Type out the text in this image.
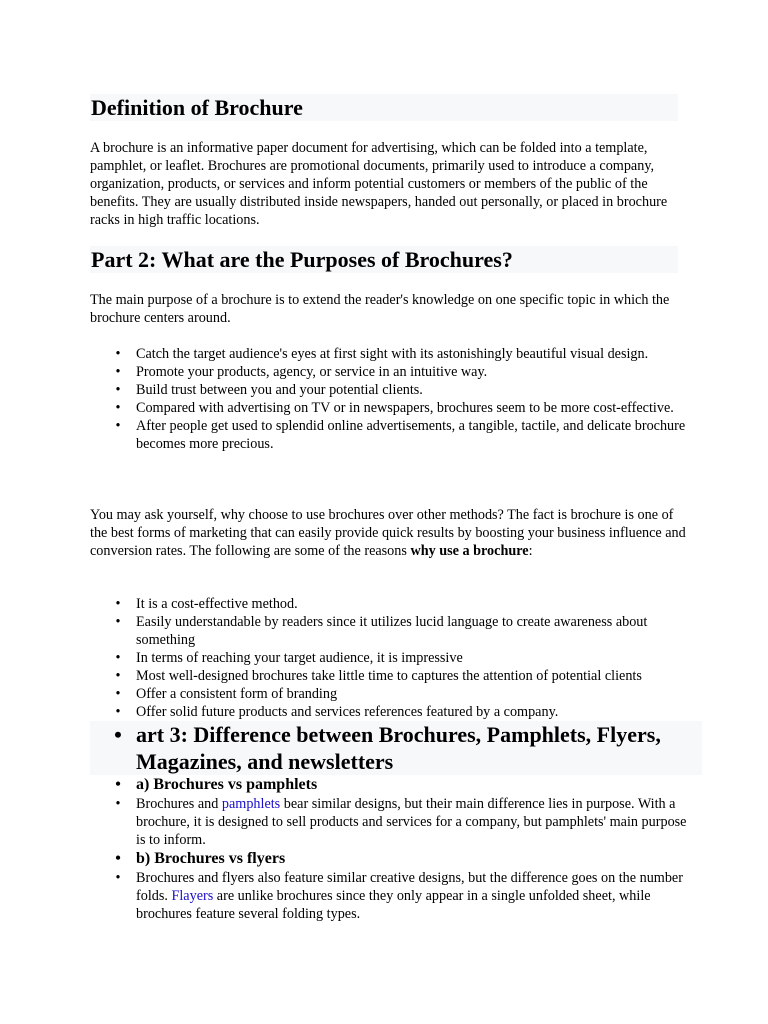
Definition of Brochure

A brochure is an informative paper document for advertising, which can be folded into a template, pamphlet, or leaflet. Brochures are promotional documents, primarily used to introduce a company, organization, products, or services and inform potential customers or members of the public of the benefits. They are usually distributed inside newspapers, handed out personally, or placed in brochure racks in high traffic locations.

Part 2: What are the Purposes of Brochures?

The main purpose of a brochure is to extend the reader's knowledge on one specific topic in which the brochure centers around.

• Catch the target audience's eyes at first sight with its astonishingly beautiful visual design.
• Promote your products, agency, or service in an intuitive way.
• Build trust between you and your potential clients.
• Compared with advertising on TV or in newspapers, brochures seem to be more cost-effective.
• After people get used to splendid online advertisements, a tangible, tactile, and delicate brochure becomes more precious.

You may ask yourself, why choose to use brochures over other methods? The fact is brochure is one of the best forms of marketing that can easily provide quick results by boosting your business influence and conversion rates. The following are some of the reasons why use a brochure:

• It is a cost-effective method.
• Easily understandable by readers since it utilizes lucid language to create awareness about something
• In terms of reaching your target audience, it is impressive
• Most well-designed brochures take little time to captures the attention of potential clients
• Offer a consistent form of branding
• Offer solid future products and services references featured by a company.
• art 3: Difference between Brochures, Pamphlets, Flyers, Magazines, and newsletters
• a) Brochures vs pamphlets
• Brochures and pamphlets bear similar designs, but their main difference lies in purpose. With a brochure, it is designed to sell products and services for a company, but pamphlets' main purpose is to inform.
• b) Brochures vs flyers
• Brochures and flyers also feature similar creative designs, but the difference goes on the number folds. Flayers are unlike brochures since they only appear in a single unfolded sheet, while brochures feature several folding types.
